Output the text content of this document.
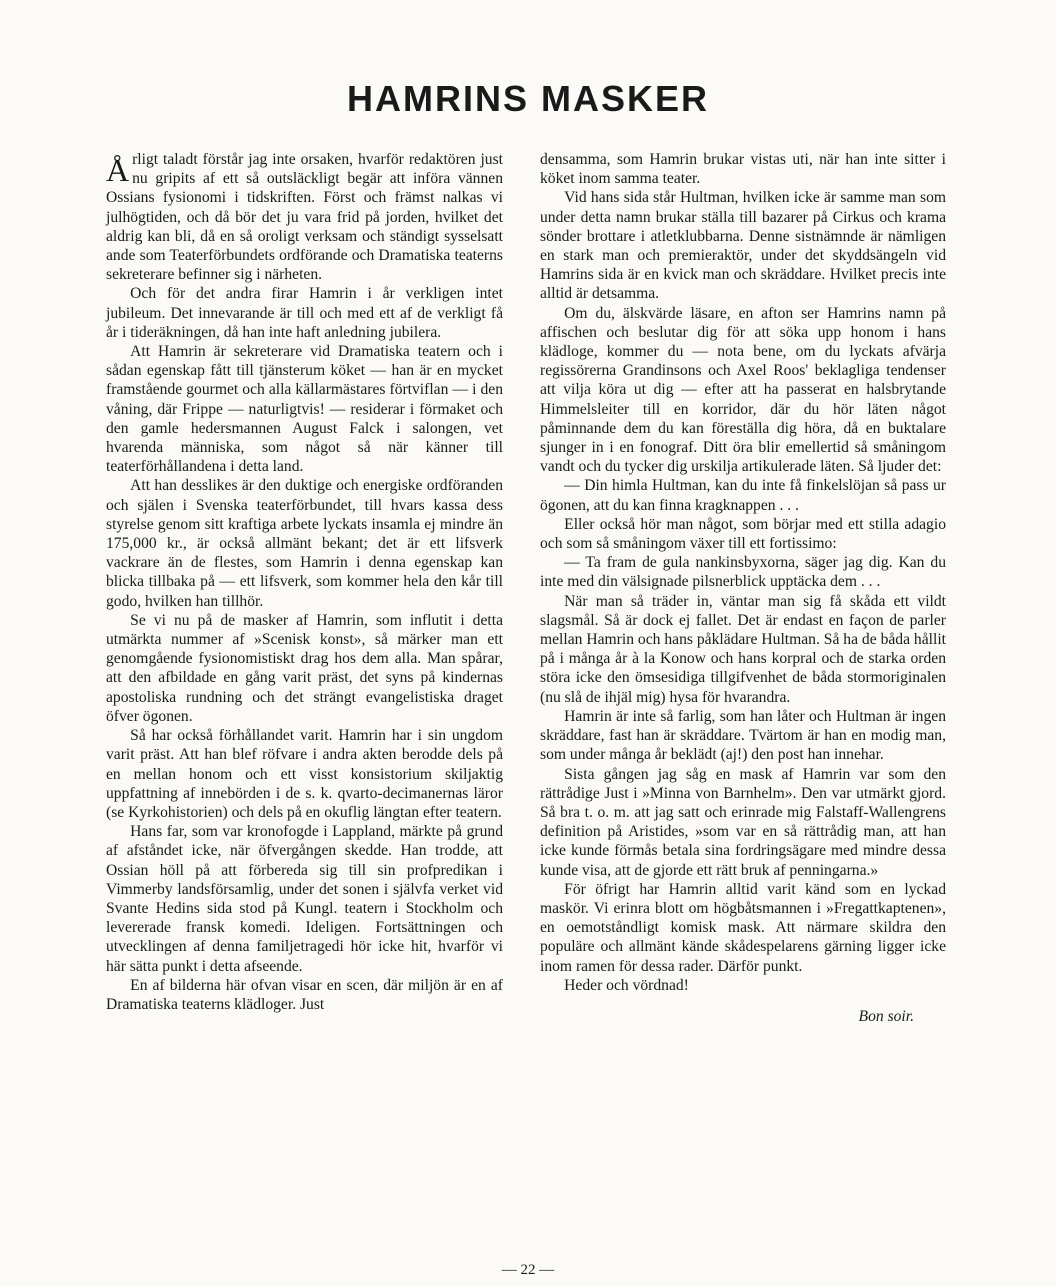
HAMRINS MASKER

Årligt taladt förstår jag inte orsaken, hvarför redaktören just nu gripits af ett så outsläckligt begär att införa vännen Ossians fysionomi i tidskriften. Först och främst nalkas vi julhögtiden, och då bör det ju vara frid på jorden, hvilket det aldrig kan bli, då en så oroligt verksam och ständigt sysselsatt ande som Teaterförbundets ordförande och Dramatiska teaterns sekreterare befinner sig i närheten.

Och för det andra firar Hamrin i år verkligen intet jubileum. Det innevarande är till och med ett af de verkligt få år i tideräkningen, då han inte haft anledning jubilera.

Att Hamrin är sekreterare vid Dramatiska teatern och i sådan egenskap fått till tjänsterum köket — han är en mycket framstående gourmet och alla källarmästares förtviflan — i den våning, där Frippe — naturligtvis! — residerar i förmaket och den gamle hedersmannen August Falck i salongen, vet hvarenda människa, som något så när känner till teaterförhållandena i detta land.

Att han desslikes är den duktige och energiske ordföranden och själen i Svenska teaterförbundet, till hvars kassa dess styrelse genom sitt kraftiga arbete lyckats insamla ej mindre än 175,000 kr., är också allmänt bekant; det är ett lifsverk vackrare än de flestes, som Hamrin i denna egenskap kan blicka tillbaka på — ett lifsverk, som kommer hela den kår till godo, hvilken han tillhör.

Se vi nu på de masker af Hamrin, som influtit i detta utmärkta nummer af »Scenisk konst», så märker man ett genomgående fysionomistiskt drag hos dem alla. Man spårar, att den afbildade en gång varit präst, det syns på kindernas apostoliska rundning och det strängt evangelistiska draget öfver ögonen.

Så har också förhållandet varit. Hamrin har i sin ungdom varit präst. Att han blef röfvare i andra akten berodde dels på en mellan honom och ett visst konsistorium skiljaktig uppfattning af innebörden i de s. k. qvarto-decimanernas läror (se Kyrkohistorien) och dels på en okuflig längtan efter teatern.

Hans far, som var kronofogde i Lappland, märkte på grund af afståndet icke, när öfvergången skedde. Han trodde, att Ossian höll på att förbereda sig till sin profpredikan i Vimmerby landsförsamlig, under det sonen i självfa verket vid Svante Hedins sida stod på Kungl. teatern i Stockholm och levererade fransk komedi. Ideligen. Fortsättningen och utvecklingen af denna familjetragedi hör icke hit, hvarför vi här sätta punkt i detta afseende.

En af bilderna här ofvan visar en scen, där miljön är en af Dramatiska teaterns klädloger. Just

densamma, som Hamrin brukar vistas uti, när han inte sitter i köket inom samma teater.

Vid hans sida står Hultman, hvilken icke är samme man som under detta namn brukar ställa till bazarer på Cirkus och krama sönder brottare i atletklubbarna. Denne sistnämnde är nämligen en stark man och premieraktör, under det skyddsängeln vid Hamrins sida är en kvick man och skräddare. Hvilket precis inte alltid är detsamma.

Om du, älskvärde läsare, en afton ser Hamrins namn på affischen och beslutar dig för att söka upp honom i hans klädloge, kommer du — nota bene, om du lyckats afvärja regissörerna Grandinsons och Axel Roos' beklagliga tendenser att vilja köra ut dig — efter att ha passerat en halsbrytande Himmelsleiter till en korridor, där du hör läten något påminnande dem du kan föreställa dig höra, då en buktalare sjunger in i en fonograf. Ditt öra blir emellertid så småningom vandt och du tycker dig urskilja artikulerade läten. Så ljuder det:

— Din himla Hultman, kan du inte få finkelslöjan så pass ur ögonen, att du kan finna kragknappen . . .

Eller också hör man något, som börjar med ett stilla adagio och som så småningom växer till ett fortissimo:

— Ta fram de gula nankinsbyxorna, säger jag dig. Kan du inte med din välsignade pilsnerblick upptäcka dem . . .

När man så träder in, väntar man sig få skåda ett vildt slagsmål. Så är dock ej fallet. Det är endast en façon de parler mellan Hamrin och hans påklädare Hultman. Så ha de båda hållit på i många år à la Konow och hans korpral och de starka orden störa icke den ömsesidiga tillgifvenhet de båda stormoriginalen (nu slå de ihjäl mig) hysa för hvarandra.

Hamrin är inte så farlig, som han låter och Hultman är ingen skräddare, fast han är skräddare. Tvärtom är han en modig man, som under många år beklädt (aj!) den post han innehar.

Sista gången jag såg en mask af Hamrin var som den rättrådige Just i »Minna von Barnhelm». Den var utmärkt gjord. Så bra t. o. m. att jag satt och erinrade mig Falstaff-Wallengrens definition på Aristides, »som var en så rättrådig man, att han icke kunde förmås betala sina fordringsägare med mindre dessa kunde visa, att de gjorde ett rätt bruk af penningarna.»

För öfrigt har Hamrin alltid varit känd som en lyckad maskör. Vi erinra blott om högbåtsmannen i »Fregattkaptenen», en oemotståndligt komisk mask. Att närmare skildra den populäre och allmänt kände skådespelarens gärning ligger icke inom ramen för dessa rader. Därför punkt.

Heder och vördnad!

Bon soir.

— 22 —
